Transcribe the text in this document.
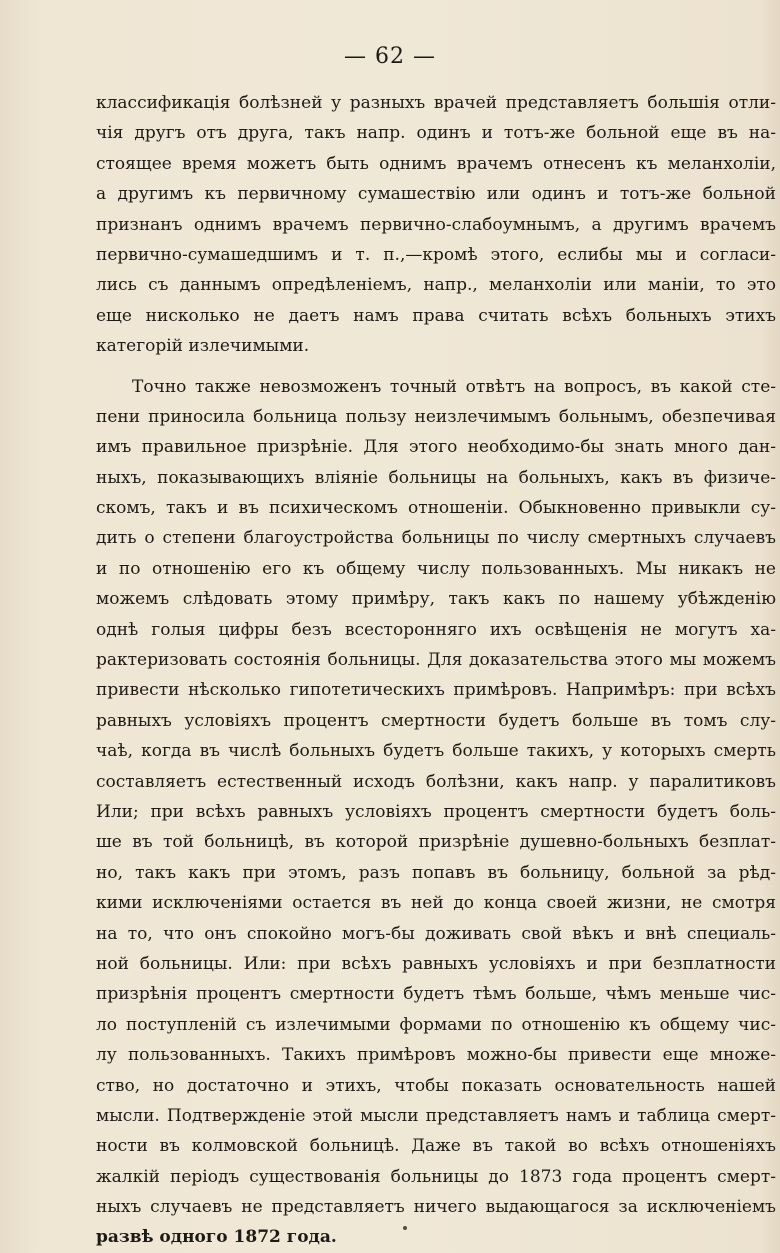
— 62 —
классификація болѣзней у разныхъ врачей представляетъ большія отли-
чія другъ отъ друга, такъ напр. одинъ и тотъ-же больной еще въ на-
стоящее время можетъ быть однимъ врачемъ отнесенъ къ меланхоліи,
а другимъ къ первичному сумашествію или одинъ и тотъ-же больной
признанъ однимъ врачемъ первично-слабоумнымъ, а другимъ врачемъ
первично-сумашедшимъ и т. п.,—кромѣ этого, еслибы мы и согласи-
лись съ даннымъ опредѣленіемъ, напр., меланхоліи или маніи, то это
еще нисколько не даетъ намъ права считать всѣхъ больныхъ этихъ
категорій излечимыми.
Точно также невозможенъ точный отвѣтъ на вопросъ, въ какой сте-
пени приносила больница пользу неизлечимымъ больнымъ, обезпечивая
имъ правильное призрѣніе. Для этого необходимо-бы знать много дан-
ныхъ, показывающихъ вліяніе больницы на больныхъ, какъ въ физиче-
скомъ, такъ и въ психическомъ отношеніи. Обыкновенно привыкли су-
дить о степени благоустройства больницы по числу смертныхъ случаевъ
и по отношенію его къ общему числу пользованныхъ. Мы никакъ не
можемъ слѣдовать этому примѣру, такъ какъ по нашему убѣжденію
однѣ голыя цифры безъ всесторонняго ихъ освѣщенія не могутъ ха-
рактеризовать состоянія больницы. Для доказательства этого мы можемъ
привести нѣсколько гипотетическихъ примѣровъ. Напримѣръ: при всѣхъ
равныхъ условіяхъ процентъ смертности будетъ больше въ томъ слу-
чаѣ, когда въ числѣ больныхъ будетъ больше такихъ, у которыхъ смерть
составляетъ естественный исходъ болѣзни, какъ напр. у паралитиковъ
Или; при всѣхъ равныхъ условіяхъ процентъ смертности будетъ боль-
ше въ той больницѣ, въ которой призрѣніе душевно-больныхъ безплат-
но, такъ какъ при этомъ, разъ попавъ въ больницу, больной за рѣд-
кими исключеніями остается въ ней до конца своей жизни, не смотря
на то, что онъ спокойно могъ-бы доживать свой вѣкъ и внѣ специаль-
ной больницы. Или: при всѣхъ равныхъ условіяхъ и при безплатности
призрѣнія процентъ смертности будетъ тѣмъ больше, чѣмъ меньше чис-
ло поступленій съ излечимыми формами по отношенію къ общему чис-
лу пользованныхъ. Такихъ примѣровъ можно-бы привести еще множе-
ство, но достаточно и этихъ, чтобы показать основательность нашей
мысли. Подтвержденіе этой мысли представляетъ намъ и таблица смерт-
ности въ колмовской больницѣ. Даже въ такой во всѣхъ отношеніяхъ
жалкій періодъ существованія больницы до 1873 года процентъ смерт-
ныхъ случаевъ не представляетъ ничего выдающагося за исключеніемъ
развѣ одного 1872 года.
